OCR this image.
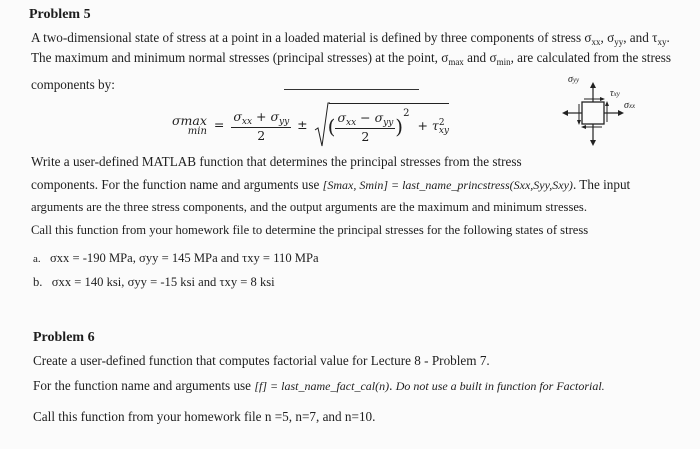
Problem 5
A two-dimensional state of stress at a point in a loaded material is defined by three components of stress $\sigma_{xx}$, $\sigma_{yy}$, and $\tau_{xy}$.
The maximum and minimum normal stresses (principal stresses) at the point, $\sigma_{max}$ and $\sigma_{min}$, are calculated from the stress
components by:
σmax
$\min = \frac{\sigma_{xx} + \sigma_{yy}}{2}$ ± ( $\frac{\sigma_{xx} - \sigma_{yy}}{2} )^2 + \tau$ 2
xy
σyy
τxy
σxx
Write a user-defined MATLAB function that determines the principal stresses from the stress
components. For the function name and arguments use [Smax, Smin] = last_name_princstress(Sxx,Syy,Sxy). The input
arguments are the three stress components, and the output arguments are the maximum and minimum stresses.
Call this function from your homework file to determine the principal stresses for the following states of stress
a. σxx = -190 MPa, σyy = 145 MPa and τxy = 110 MPa
b. σxx = 140 ksi, σyy = -15 ksi and τxy = 8 ksi
Problem 6
Create a user-defined function that computes factorial value for Lecture 8 - Problem 7.
For the function name and arguments use [f] = last_name_fact_cal(n). Do not use a built in function for Factorial.
Call this function from your homework file n =5, n=7, and n=10.
